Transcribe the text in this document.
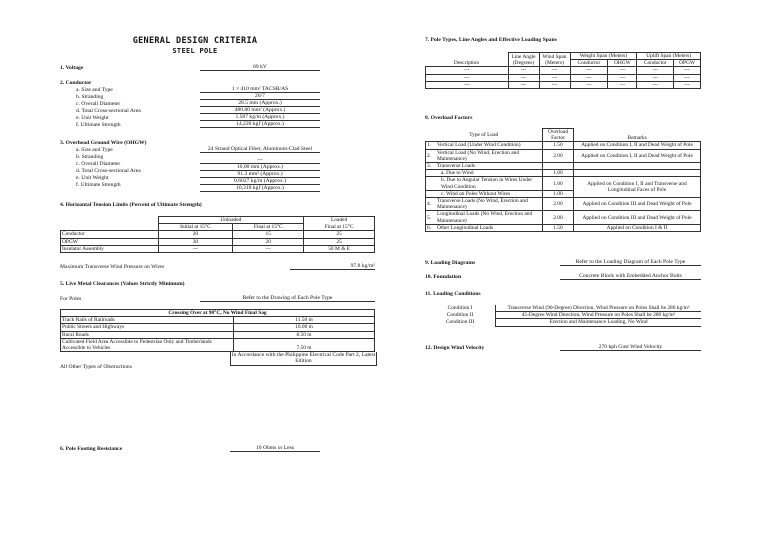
GENERAL DESIGN CRITERIA
STEEL POLE
1. Voltage	69 kV
2. Conductor
a. Size and Type	1 × 410 mm² TACSR/AS
b. Stranding	26/7
c. Overall Diameter	28.5 mm (Approx.)
d. Total Cross-sectional Area	480.80 mm² (Approx.)
e. Unit Weight	1.587 kg/m (Approx.)
f. Ultimate Strength	14,220 kgf (Approx.)
3. Overhead Ground Wire (OHGW)
a. Size and Type	24 Strand Optical Fiber, Aluminum-Clad Steel
b. Stranding	---
c. Overall Diameter	16.00 mm (Approx.)
d. Total Cross-sectional Area	91.3 mm² (Approx.)
e. Unit Weight	0.6027 kg/m (Approx.)
f. Ultimate Strength	10,310 kgf (Approx.)
4. Horizontal Tension Limits (Percent of Ultimate Strength)
	Unloaded		Loaded
	Initial at 15°C	Final at 15°C	Final at 15°C
Conductor	20	15	25
OPGW	30	20	25
Insulator Assembly	---	---	50 M & E
Maximum Transverse Wind Pressure on Wires	97.8 kg/m²
5. Live Metal Clearances (Values Strictly Minimum)
For Poles	Refer to the Drawing of Each Pole Type
Crossing Over at 90°C, No Wind Final Sag	
Track Rails of Railroads	11.50 m
Public Streets and Highways	10.00 m
Rural Roads	8.50 m
Cultivated Field Area Accessible to Pedestrian Only and Timberlands Accessible to Vehicles	7.50 m
All Other Types of Obstructions
In Accordance with the Philippine Electrical Code Part 2, Latest Edition
6. Pole Footing Resistance	10 Ohms or Less
7. Pole Types, Line Angles and Effective Loading Spans
Description	Line Angle (Degrees)	Wind Span (Meters)	Weight Span (Meters)		Uplift Span (Meters)	
			Conductor	OHGW	Conductor	OPGW
---	---	---	---	---	---	---
---	---	---	---	---	---	---
---	---	---	---	---	---	---
8. Overload Factors
Type of Load		Overload Factor	Remarks
1.	Vertical Load (Under Wind Condition)	1.50	Applied on Condition I, II and Dead Weight of Pole
2.	Vertical Load (No Wind, Erection and Maintenance)	2.00	Applied on Condition I, II and Dead Weight of Pole
3.	Transverse Loads		
	a. Due to Wind	1.00	
	b. Due to Angular Tension in Wires Under Wind Condition	1.00	Applied on Condition I, II and Transverse and Longitudinal Faces of Pole
	c. Wind on Poles Without Wires	1.00	
4.	Transverse Loads (No Wind, Erection and Maintenance)	2.00	Applied on Condition III and Dead Weight of Pole
5.	Longitudinal Loads (No Wind, Erection and Maintenance)	2.00	Applied on Condition III and Dead Weight of Pole
6.	Other Longitudinal Loads	1.50	Applied on Condition I & II
9. Loading Diagrams	Refer to the Loading Diagram of Each Pole Type
10. Foundation	Concrete Block with Embedded Anchor Bolts
11. Loading Conditions
Condition I	Transverse Wind (90-Degree) Direction, Wind Pressure on Poles Shall be 280 kg/m²
Condition II	45-Degree Wind Direction, Wind Pressure on Poles Shall be 280 kg/m²
Condition III	Erection and Maintenance Loading, No Wind
12. Design Wind Velocity	270 kph Gust Wind Velocity
